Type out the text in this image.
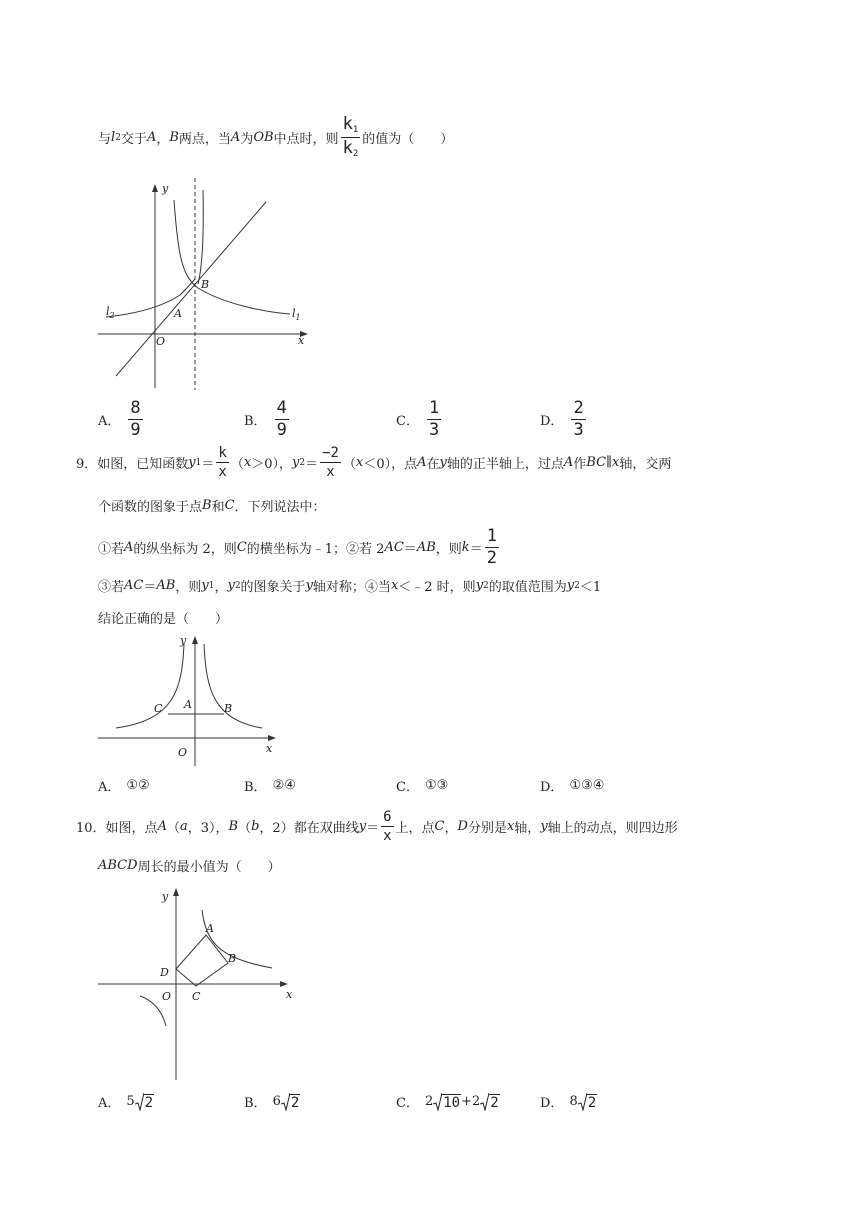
与 l 2 交于 A ， B 两点，当 A 为 OB 中点时，则 $\frac{k_1}{k_2}$ 的值为（　　）
y
x
O
A
B
$l_1$
$l_2$
A． $\frac{8}{9}$	B． $\frac{4}{9}$	C． $\frac{1}{3}$	D． $\frac{2}{3}$
9． 如图，已知函数 y $1 = \frac{k}{x}$ （ x ＞0）， y $2 = \frac{-2}{x}$ （ x ＜0），点 A 在 y 轴的正半轴上，过点 A 作 BC ∥ x 轴，交两
个函数的图象于点 B 和 C ．下列说法中：
①若 A 的纵坐标为 2，则 C 的横坐标为﹣1；②若 2 AC ＝ AB ，则 $k = \frac{1}{2}$
③若 AC ＝ AB ，则 y 1 ， y 2 的图象关于 y 轴对称；④当 x ＜﹣2 时，则 y 2 的取值范围为 y 2 ＜1
结论正确的是（　　）
y
x
O
A	B
C
A． ①②	B． ②④	C． ①③	D． ①③④
10． 如图，点 A （ a ，3）， B （ b ，2）都在双曲线 $y = \frac{6}{x}$ 上，点 C ， D 分别是 x 轴， y 轴上的动点，则四边形
ABCD 周长的最小值为（　　）
y
x
O
A
B
C
D
A． 5 2	B． 6 2	C． 2 10 + 2 2	D． 8 2
